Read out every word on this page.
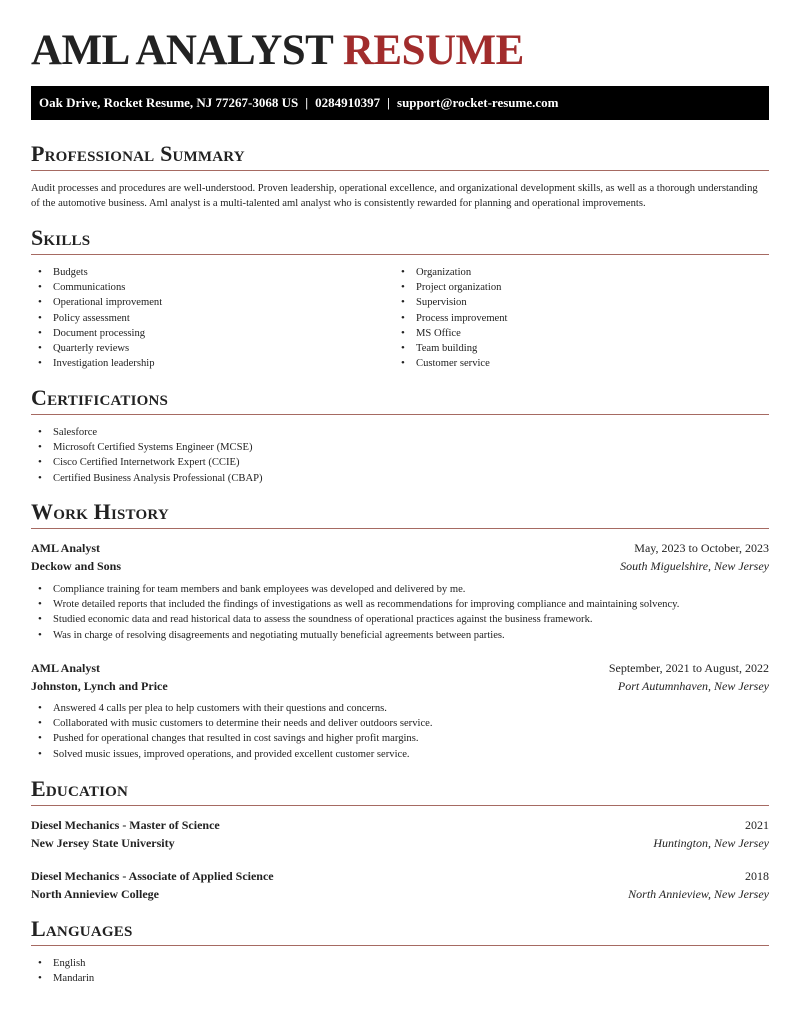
AML ANALYST RESUME
Oak Drive, Rocket Resume, NJ 77267-3068 US | 0284910397 | support@rocket-resume.com
Professional Summary

Audit processes and procedures are well-understood. Proven leadership, operational excellence, and organizational development skills, as well as a thorough understanding of the automotive business. Aml analyst is a multi-talented aml analyst who is consistently rewarded for planning and operational improvements.

Skills
• Budgets
• Communications
• Operational improvement
• Policy assessment
• Document processing
• Quarterly reviews
• Investigation leadership
• Organization
• Project organization
• Supervision
• Process improvement
• MS Office
• Team building
• Customer service
Certifications
• Salesforce
• Microsoft Certified Systems Engineer (MCSE)
• Cisco Certified Internetwork Expert (CCIE)
• Certified Business Analysis Professional (CBAP)
Work History
AML Analyst	May, 2023 to October, 2023
Deckow and Sons	South Miguelshire, New Jersey
• Compliance training for team members and bank employees was developed and delivered by me.
• Wrote detailed reports that included the findings of investigations as well as recommendations for improving compliance and maintaining solvency.
• Studied economic data and read historical data to assess the soundness of operational practices against the business framework.
• Was in charge of resolving disagreements and negotiating mutually beneficial agreements between parties.
AML Analyst	September, 2021 to August, 2022
Johnston, Lynch and Price	Port Autumnhaven, New Jersey
• Answered 4 calls per plea to help customers with their questions and concerns.
• Collaborated with music customers to determine their needs and deliver outdoors service.
• Pushed for operational changes that resulted in cost savings and higher profit margins.
• Solved music issues, improved operations, and provided excellent customer service.
Education
Diesel Mechanics - Master of Science	2021
New Jersey State University	Huntington, New Jersey
Diesel Mechanics - Associate of Applied Science	2018
North Annieview College	North Annieview, New Jersey
Languages
• English
• Mandarin
